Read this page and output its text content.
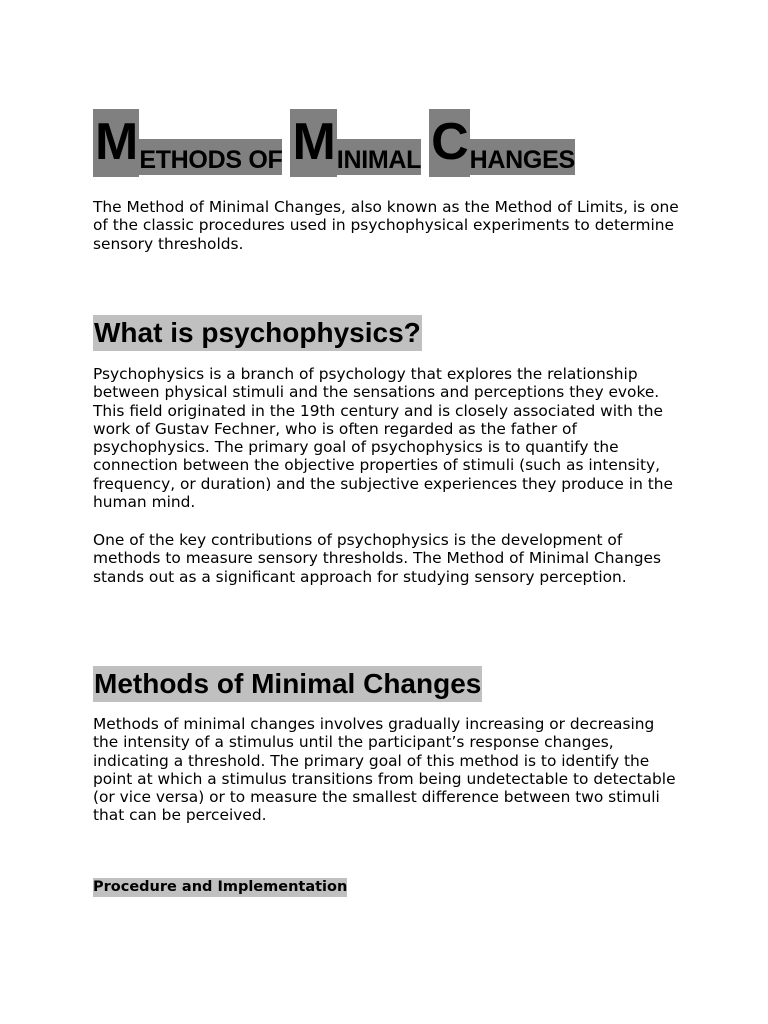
M ETHODS OF M INIMAL C HANGES

The Method of Minimal Changes, also known as the Method of Limits, is one of the classic procedures used in psychophysical experiments to determine sensory thresholds.

What is psychophysics?

Psychophysics is a branch of psychology that explores the relationship between physical stimuli and the sensations and perceptions they evoke. This field originated in the 19th century and is closely associated with the work of Gustav Fechner, who is often regarded as the father of psychophysics. The primary goal of psychophysics is to quantify the connection between the objective properties of stimuli (such as intensity, frequency, or duration) and the subjective experiences they produce in the human mind.

One of the key contributions of psychophysics is the development of methods to measure sensory thresholds. The Method of Minimal Changes stands out as a significant approach for studying sensory perception.

Methods of Minimal Changes

Methods of minimal changes involves gradually increasing or decreasing the intensity of a stimulus until the participant’s response changes, indicating a threshold. The primary goal of this method is to identify the point at which a stimulus transitions from being undetectable to detectable (or vice versa) or to measure the smallest difference between two stimuli that can be perceived.

Procedure and Implementation
